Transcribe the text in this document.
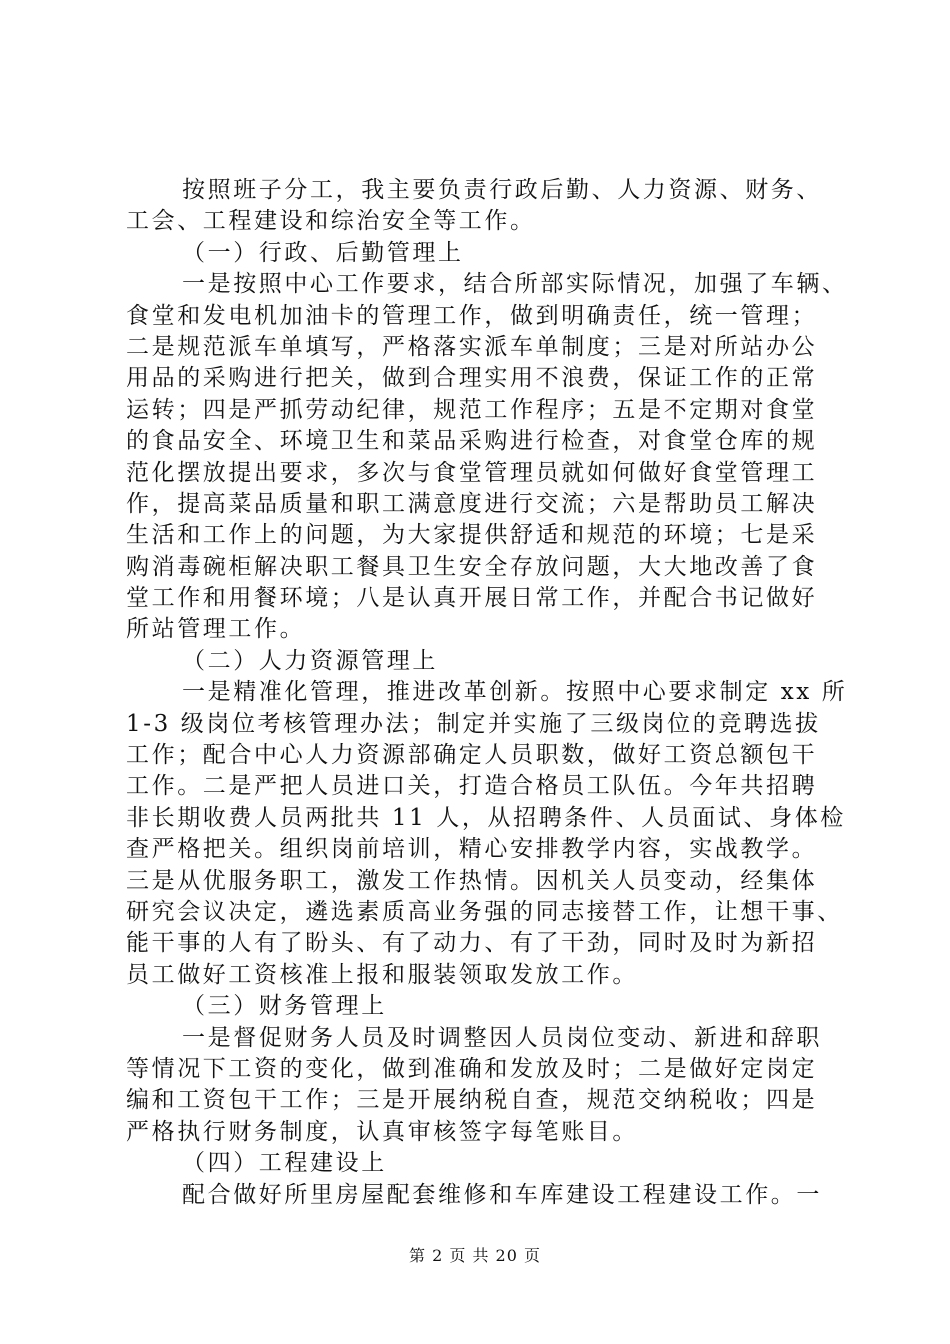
按照班子分工，我主要负责行政后勤、人力资源、财务、
工会、工程建设和综治安全等工作。
（一）行政、后勤管理上
一是按照中心工作要求，结合所部实际情况，加强了车辆、
食堂和发电机加油卡的管理工作，做到明确责任，统一管理；
二是规范派车单填写，严格落实派车单制度；三是对所站办公
用品的采购进行把关，做到合理实用不浪费，保证工作的正常
运转；四是严抓劳动纪律，规范工作程序；五是不定期对食堂
的食品安全、环境卫生和菜品采购进行检查，对食堂仓库的规
范化摆放提出要求，多次与食堂管理员就如何做好食堂管理工
作，提高菜品质量和职工满意度进行交流；六是帮助员工解决
生活和工作上的问题，为大家提供舒适和规范的环境；七是采
购消毒碗柜解决职工餐具卫生安全存放问题，大大地改善了食
堂工作和用餐环境；八是认真开展日常工作，并配合书记做好
所站管理工作。
（二）人力资源管理上
一是精准化管理，推进改革创新。按照中心要求制定 xx 所
1-3 级岗位考核管理办法；制定并实施了三级岗位的竞聘选拔
工作；配合中心人力资源部确定人员职数，做好工资总额包干
工作。二是严把人员进口关，打造合格员工队伍。今年共招聘
非长期收费人员两批共 11 人，从招聘条件、人员面试、身体检
查严格把关。组织岗前培训，精心安排教学内容，实战教学。
三是从优服务职工，激发工作热情。因机关人员变动，经集体
研究会议决定，遴选素质高业务强的同志接替工作，让想干事、
能干事的人有了盼头、有了动力、有了干劲，同时及时为新招
员工做好工资核准上报和服装领取发放工作。
（三）财务管理上
一是督促财务人员及时调整因人员岗位变动、新进和辞职
等情况下工资的变化，做到准确和发放及时；二是做好定岗定
编和工资包干工作；三是开展纳税自查，规范交纳税收；四是
严格执行财务制度，认真审核签字每笔账目。
（四）工程建设上
配合做好所里房屋配套维修和车库建设工程建设工作。一
第 2 页 共 20 页
